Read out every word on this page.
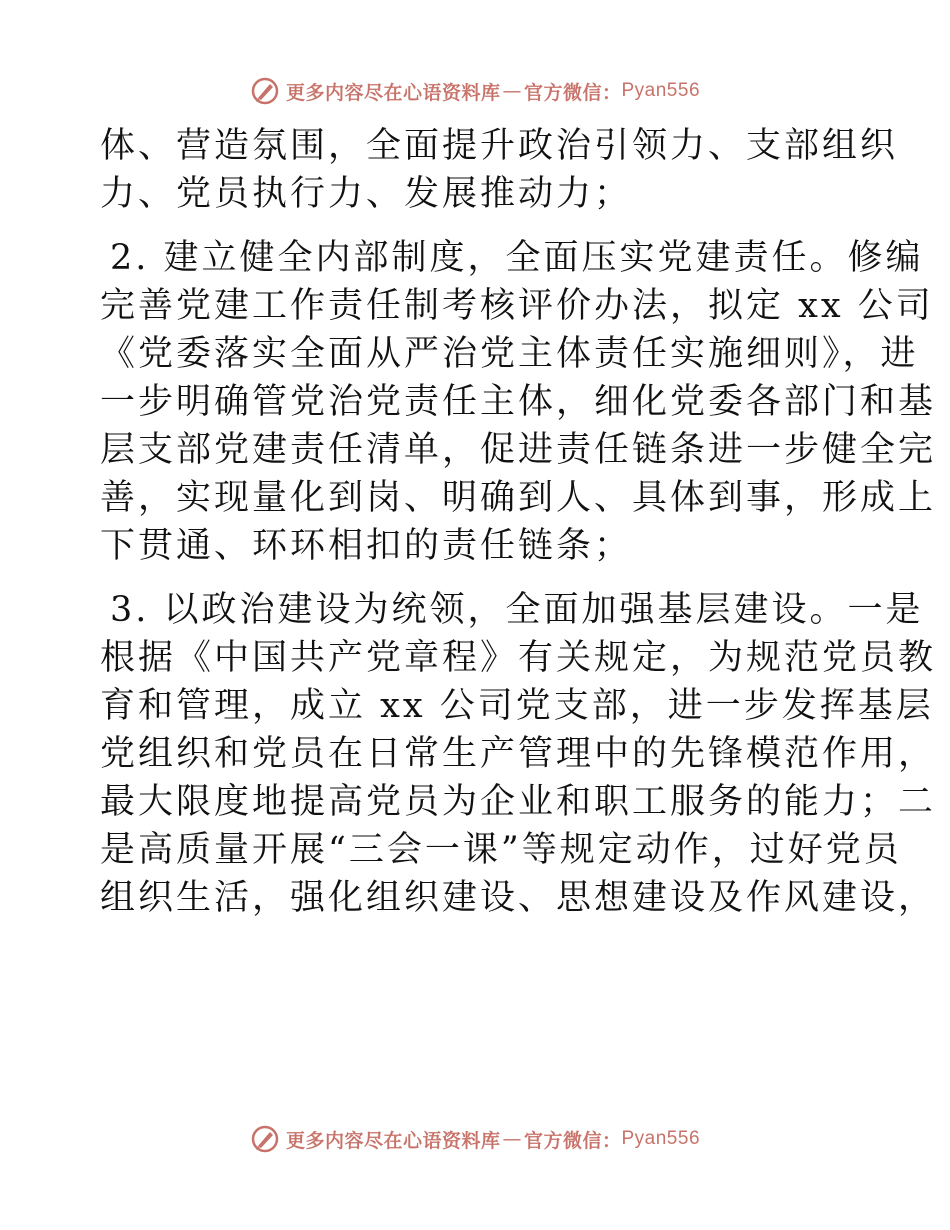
更多内容尽在心语资料库 — 官方微信： Pyan556

体、营造氛围，全面提升政治引领力、支部组织
力、党员执行力、发展推动力；

2. 建立健全内部制度，全面压实党建责任。修编
完善党建工作责任制考核评价办法，拟定 xx 公司
《党委落实全面从严治党主体责任实施细则》，进
一步明确管党治党责任主体，细化党委各部门和基
层支部党建责任清单，促进责任链条进一步健全完
善，实现量化到岗、明确到人、具体到事，形成上
下贯通、环环相扣的责任链条；

3. 以政治建设为统领，全面加强基层建设。一是
根据《中国共产党章程》有关规定，为规范党员教
育和管理，成立 xx 公司党支部，进一步发挥基层
党组织和党员在日常生产管理中的先锋模范作用，
最大限度地提高党员为企业和职工服务的能力；二
是高质量开展“三会一课”等规定动作，过好党员
组织生活，强化组织建设、思想建设及作风建设，

更多内容尽在心语资料库 — 官方微信： Pyan556
